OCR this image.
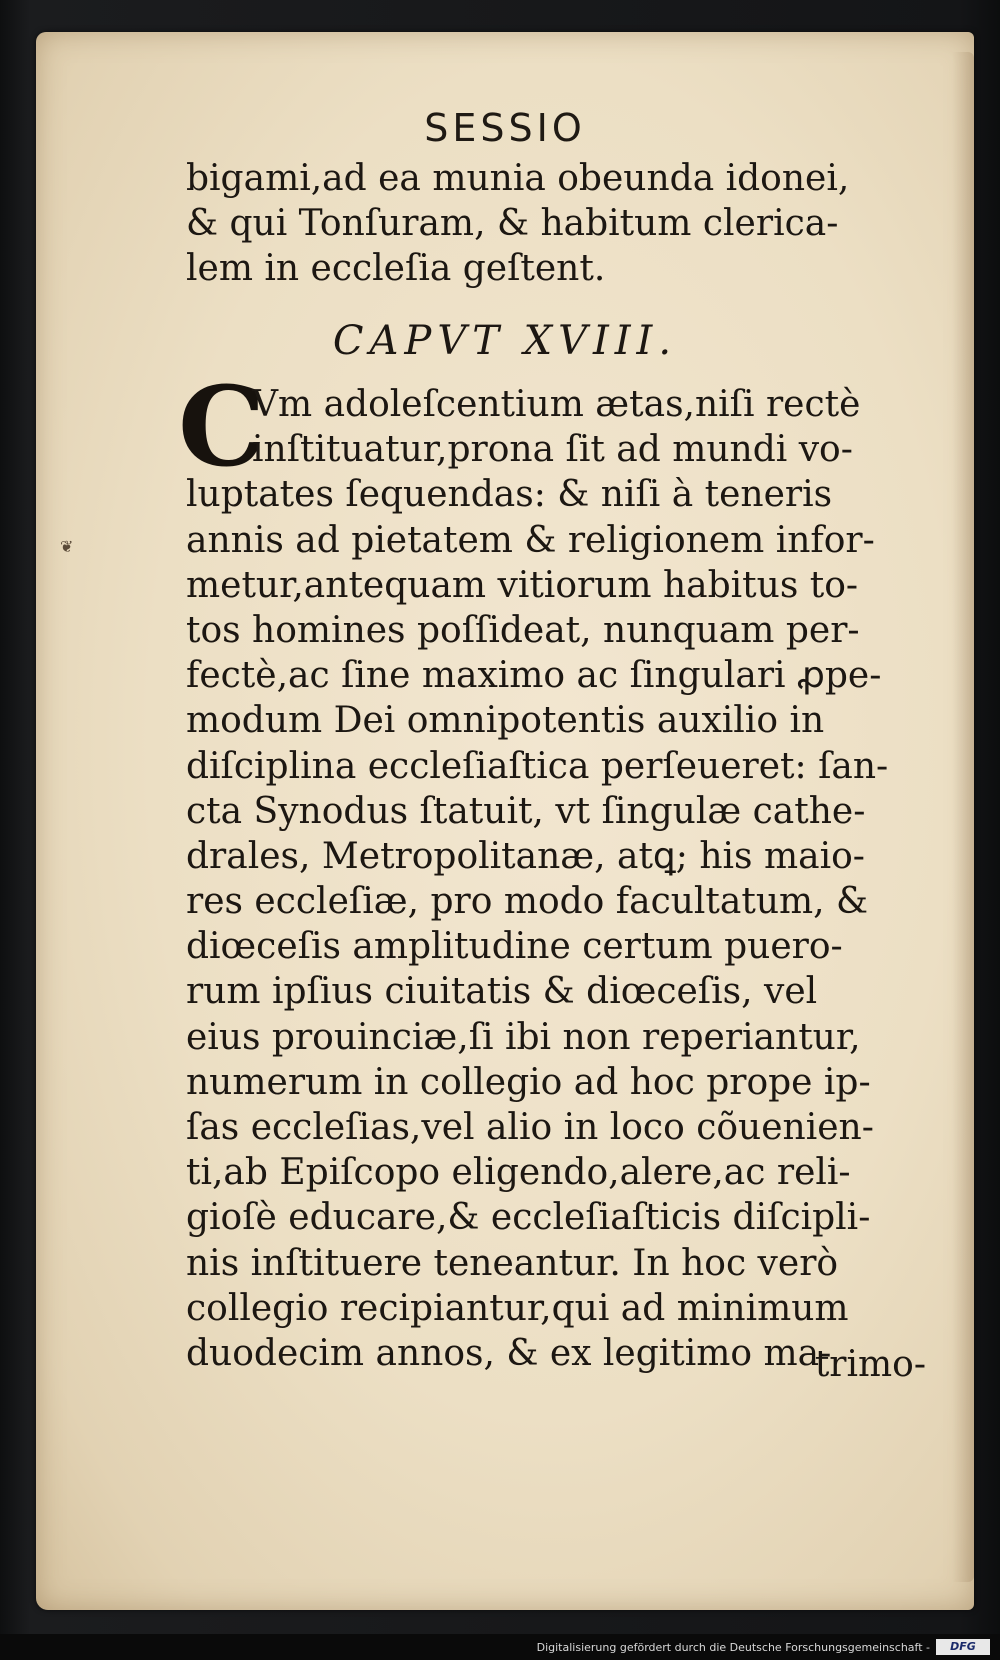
SESSIO
bigami,ad ea munia obeunda idonei,
& qui Tonſuram, & habitum clerica-
lem in eccleſia geſtent.
CAPVT XVIII.
C
Vm adoleſcentium ætas,niſi rectè
inſtituatur,prona ſit ad mundi vo-
luptates ſequendas: & niſi à teneris
annis ad pietatem & religionem infor-
metur,antequam vitiorum habitus to-
tos homines poſſideat, nunquam per-
fectè,ac ſine maximo ac ſingulari ꝓpe-
modum Dei omnipotentis auxilio in
diſciplina eccleſiaſtica perſeueret: ſan-
cta Synodus ſtatuit, vt ſingulæ cathe-
drales, Metropolitanæ, atꝗ; his maio-
res eccleſiæ, pro modo facultatum, &
diœceſis amplitudine certum puero-
rum ipſius ciuitatis & diœceſis, vel
eius prouinciæ,ſi ibi non reperiantur,
numerum in collegio ad hoc prope ip-
ſas eccleſias,vel alio in loco cõuenien-
ti,ab Epiſcopo eligendo,alere,ac reli-
gioſè educare,& eccleſiaſticis diſcipli-
nis inſtituere teneantur. In hoc verò
collegio recipiantur,qui ad minimum
duodecim annos, & ex legitimo ma-
trimo-
❦
Digitalisierung gefördert durch die Deutsche Forschungsgemeinschaft -	DFG
